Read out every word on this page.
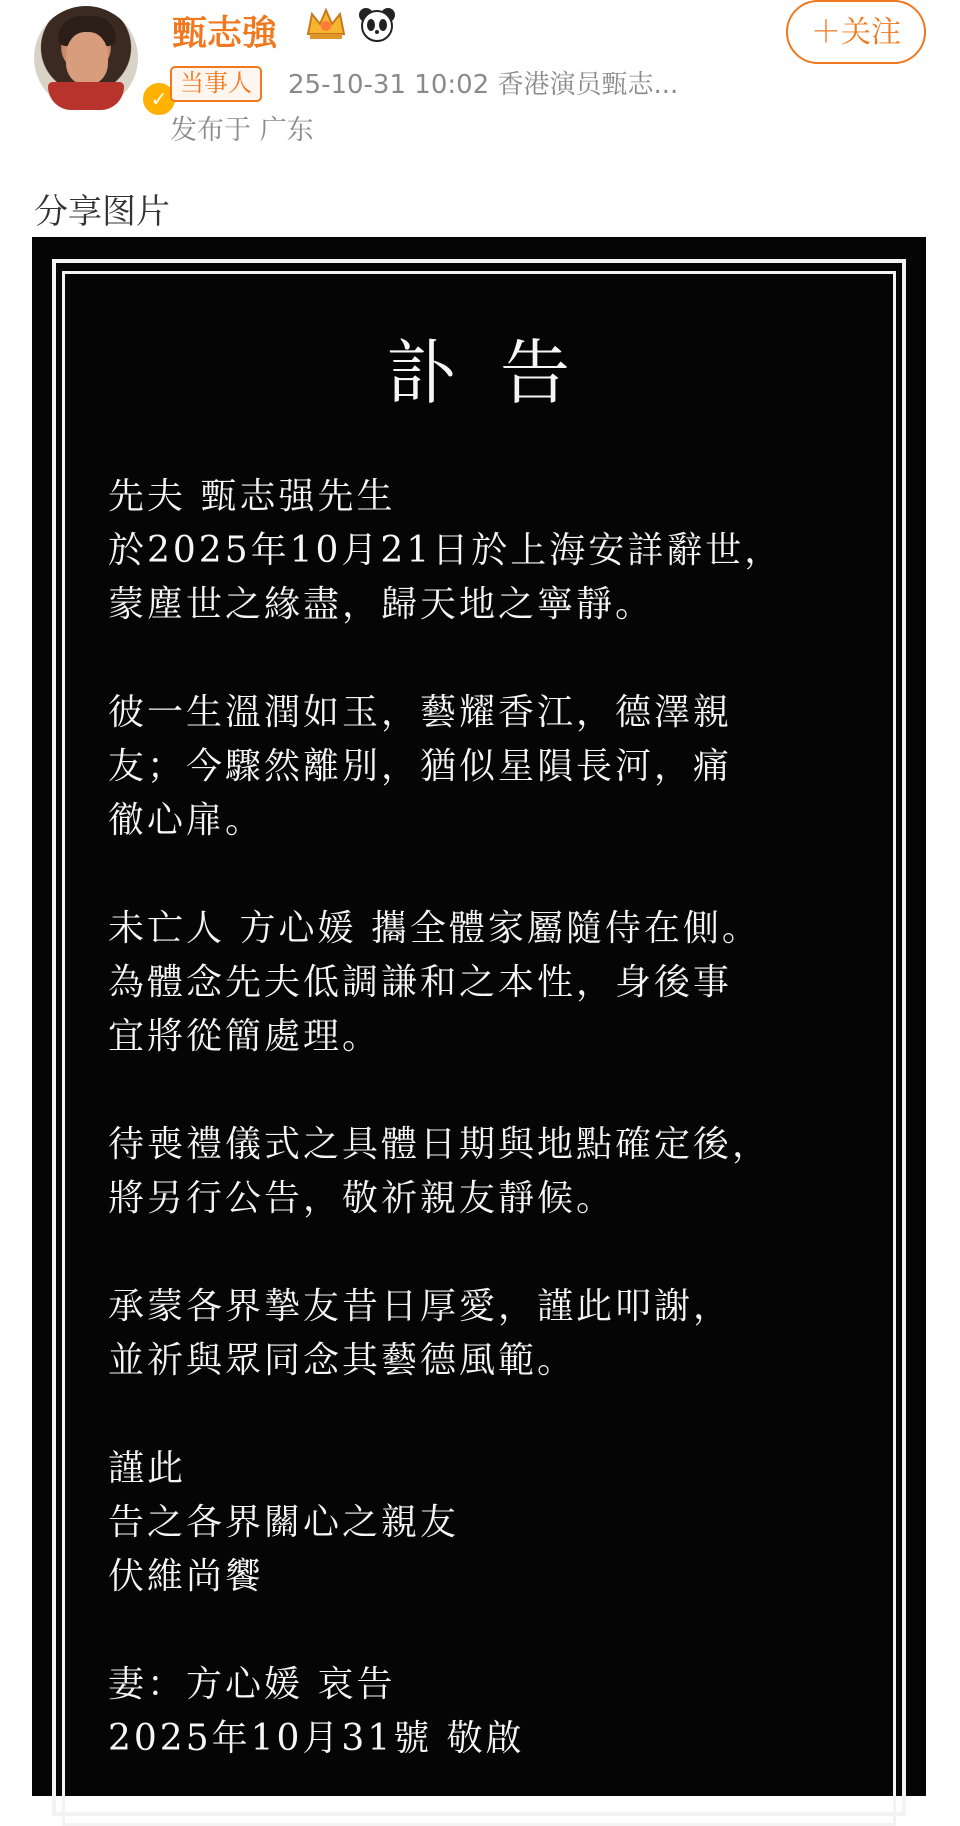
✓
甄志強	＋关注
当事人	25-10-31 10:02 香港演员甄志...
发布于 广东
分享图片
訃告
先夫 甄志强先生
於2025年10月21日於上海安詳辭世，
蒙塵世之緣盡，歸天地之寧靜。
彼一生溫潤如玉，藝耀香江，德澤親
友；今驟然離別，猶似星隕長河，痛
徹心扉。
未亡人 方心媛 攜全體家屬隨侍在側。
為體念先夫低調謙和之本性，身後事
宜將從簡處理。
待喪禮儀式之具體日期與地點確定後，
將另行公告，敬祈親友靜候。
承蒙各界摯友昔日厚愛，謹此叩謝，
並祈與眾同念其藝德風範。
謹此
告之各界關心之親友
伏維尚饗
妻：方心媛 哀告
2025年10月31號 敬啟
